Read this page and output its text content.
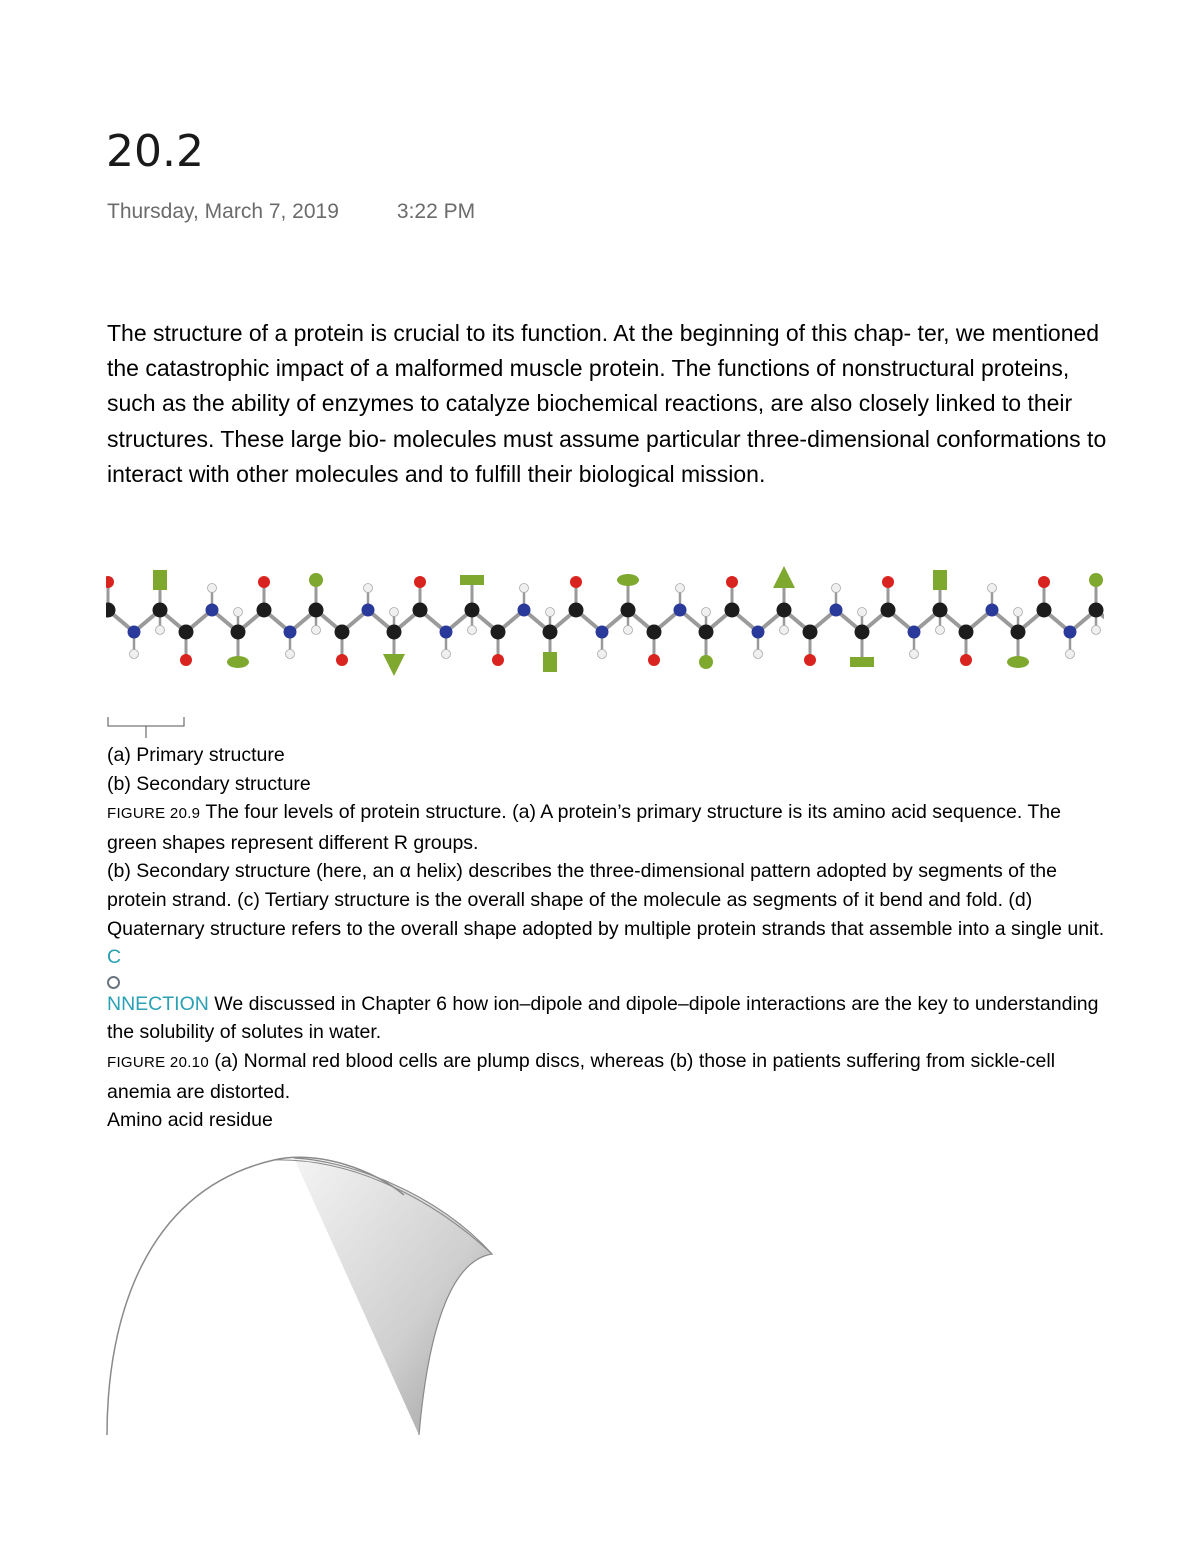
20.2
Thursday, March 7, 2019	3:22 PM
The structure of a protein is crucial to its function. At the beginning of this chap- ter, we mentioned the catastrophic impact of a malformed muscle protein. The functions of nonstructural proteins, such as the ability of enzymes to catalyze biochemical reactions, are also closely linked to their structures. These large bio- molecules must assume particular three-dimensional conformations to interact with other molecules and to fulfill their biological mission.

(a) Primary structure

(b) Secondary structure

FIGURE 20.9 The four levels of protein structure. (a) A protein’s primary structure is its amino acid sequence. The green shapes represent different R groups.

(b) Secondary structure (here, an α helix) describes the three-dimensional pattern adopted by segments of the protein strand. (c) Tertiary structure is the overall shape of the molecule as segments of it bend and fold. (d) Quaternary structure refers to the overall shape adopted by multiple protein strands that assemble into a single unit.

C

NNECTION We discussed in Chapter 6 how ion–dipole and dipole–dipole interactions are the key to understanding the solubility of solutes in water.

FIGURE 20.10 (a) Normal red blood cells are plump discs, whereas (b) those in patients suffering from sickle-cell anemia are distorted.

Amino acid residue
